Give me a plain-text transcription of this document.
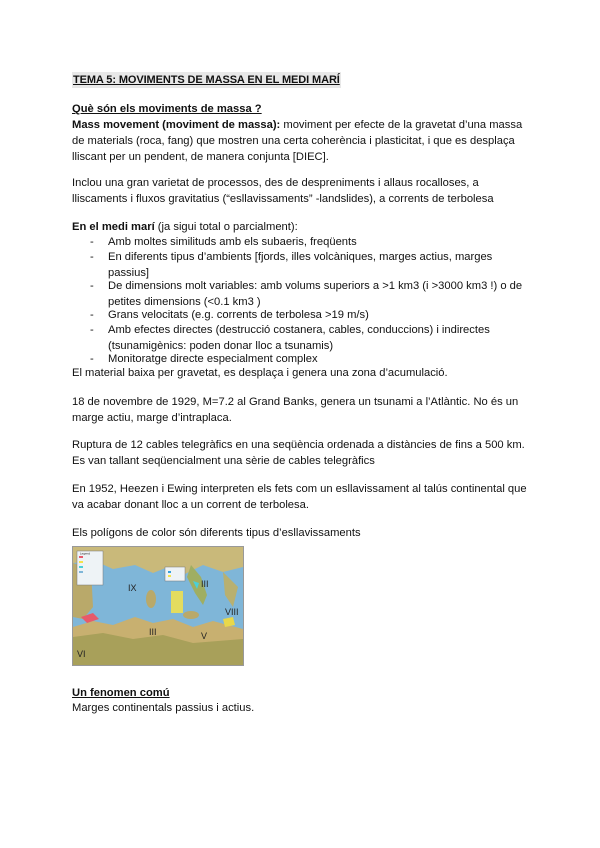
TEMA 5: MOVIMENTS DE MASSA EN EL MEDI MARÍ
Què són els moviments de massa ?
Mass movement (moviment de massa): moviment per efecte de la gravetat d’una massa de materials (roca, fang) que mostren una certa coherència i plasticitat, i que es desplaça lliscant per un pendent, de manera conjunta [DIEC].
Inclou una gran varietat de processos, des de despreniments i allaus rocalloses, a lliscaments i fluxos gravitatius (“esllavissaments” -landslides), a corrents de terbolesa
En el medi marí (ja sigui total o parcialment):
- Amb moltes similituds amb els subaeris, freqüents
- En diferents tipus d’ambients [fjords, illes volcàniques, marges actius, marges passius]
- De dimensions molt variables: amb volums superiors a >1 km3 (i >3000 km3 !) o de petites dimensions (<0.1 km3 )
- Grans velocitats (e.g. corrents de terbolesa >19 m/s)
- Amb efectes directes (destrucció costanera, cables, conduccions) i indirectes (tsunamigènics: poden donar lloc a tsunamis)
- Monitoratge directe especialment complex
El material baixa per gravetat, es desplaça i genera una zona d’acumulació.
18 de novembre de 1929, M=7.2 al Grand Banks, genera un tsunami a l’Atlàntic. No és un marge actiu, marge d’intraplaca.
Ruptura de 12 cables telegràfics en una seqüència ordenada a distàncies de fins a 500 km. Es van tallant seqüencialment una sèrie de cables telegràfics
En 1952, Heezen i Ewing interpreten els fets com un esllavissament al talús continental que va acabar donant lloc a un corrent de terbolesa.
Els polígons de color són diferents tipus d’esllavissaments
Legend
IX	III
VIII
III	V
VI
Un fenomen comú
Marges continentals passius i actius.
